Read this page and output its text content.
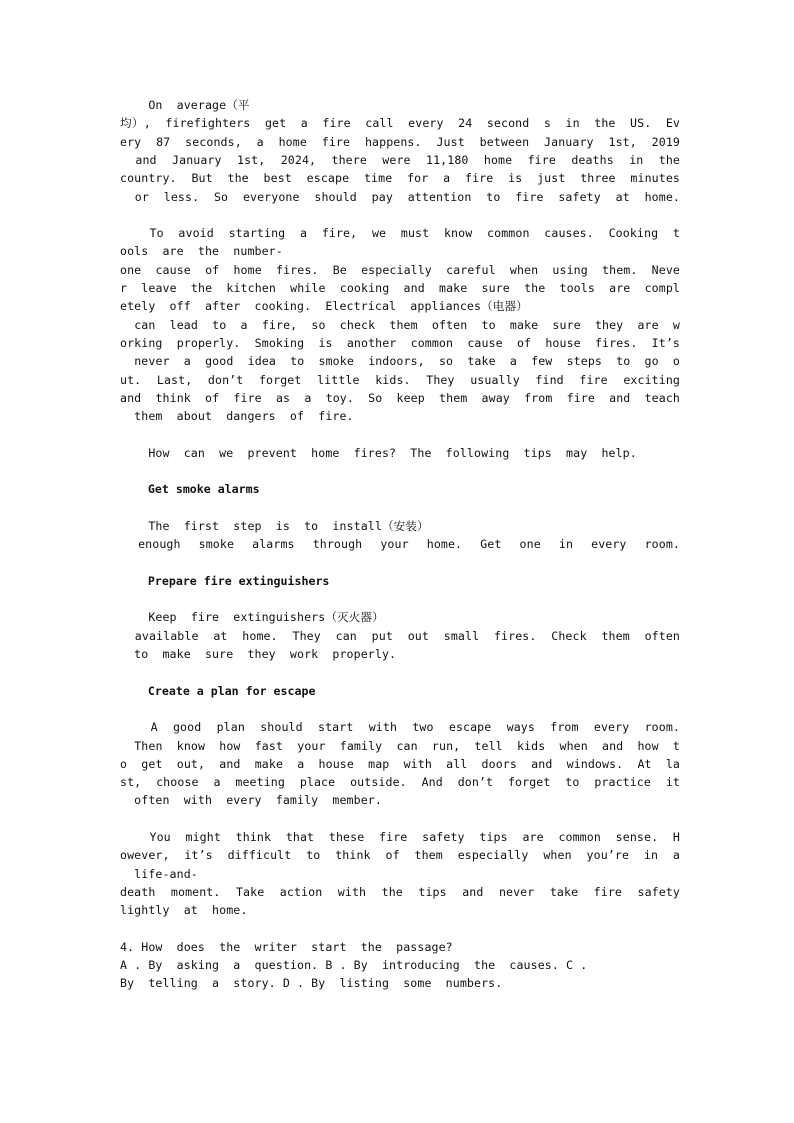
On  average（平
均）,  firefighters  get  a  fire  call  every  24  second  s  in  the  US.  Ev
ery  87  seconds,  a  home  fire  happens.  Just  between  January  1st,  2019
and  January  1st,  2024,  there  were  11,180  home  fire  deaths  in  the
country.  But  the  best  escape  time  for  a  fire  is  just  three  minutes
or  less.  So  everyone  should  pay  attention  to  fire  safety  at  home.
To  avoid  starting  a  fire,  we  must  know  common  causes.  Cooking  t
ools  are  the  number-
one  cause  of  home  fires.  Be  especially  careful  when  using  them.  Neve
r  leave  the  kitchen  while  cooking  and  make  sure  the  tools  are  compl
etely  off  after  cooking.  Electrical  appliances（电器）
can  lead  to  a  fire,  so  check  them  often  to  make  sure  they  are  w
orking  properly.  Smoking  is  another  common  cause  of  house  fires.  It’s
never  a  good  idea  to  smoke  indoors,  so  take  a  few  steps  to  go  o
ut.  Last,  don’t  forget  little  kids.  They  usually  find  fire  exciting
and  think  of  fire  as  a  toy.  So  keep  them  away  from  fire  and  teach
them  about  dangers  of  fire.
How  can  we  prevent  home  fires?  The  following  tips  may  help.
Get smoke alarms
The  first  step  is  to  install（安装）
enough  smoke  alarms  through  your  home.  Get  one  in  every  room.
Prepare fire extinguishers
Keep  fire  extinguishers（灭火器）
available  at  home.  They  can  put  out  small  fires.  Check  them  often
to  make  sure  they  work  properly.
Create a plan for escape
A  good  plan  should  start  with  two  escape  ways  from  every  room.
Then  know  how  fast  your  family  can  run,  tell  kids  when  and  how  t
o  get  out,  and  make  a  house  map  with  all  doors  and  windows.  At  la
st,  choose  a  meeting  place  outside.  And  don’t  forget  to  practice  it
often  with  every  family  member.
You  might  think  that  these  fire  safety  tips  are  common  sense.  H
owever,  it’s  difficult  to  think  of  them  especially  when  you’re  in  a
life-and-
death  moment.  Take  action  with  the  tips  and  never  take  fire  safety
lightly  at  home.
4. How  does  the  writer  start  the  passage?
A . By  asking  a  question. B . By  introducing  the  causes. C .
By  telling  a  story. D . By  listing  some  numbers.
